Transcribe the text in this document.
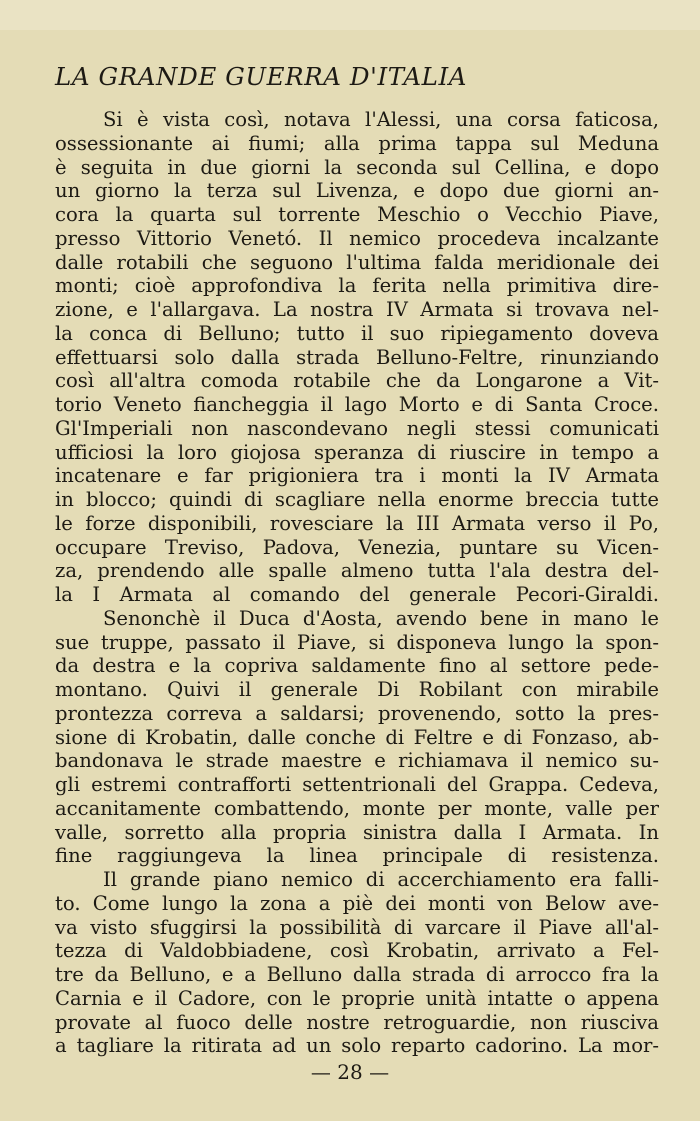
LA GRANDE GUERRA D'ITALIA
Si è vista così, notava l'Alessi, una corsa faticosa,
ossessionante ai fiumi; alla prima tappa sul Meduna
è seguita in due giorni la seconda sul Cellina, e dopo
un giorno la terza sul Livenza, e dopo due giorni an-
cora la quarta sul torrente Meschio o Vecchio Piave,
presso Vittorio Venetó. Il nemico procedeva incalzante
dalle rotabili che seguono l'ultima falda meridionale dei
monti; cioè approfondiva la ferita nella primitiva dire-
zione, e l'allargava. La nostra IV Armata si trovava nel-
la conca di Belluno; tutto il suo ripiegamento doveva
effettuarsi solo dalla strada Belluno-Feltre, rinunziando
così all'altra comoda rotabile che da Longarone a Vit-
torio Veneto fiancheggia il lago Morto e di Santa Croce.
Gl'Imperiali non nascondevano negli stessi comunicati
ufficiosi la loro giojosa speranza di riuscire in tempo a
incatenare e far prigioniera tra i monti la IV Armata
in blocco; quindi di scagliare nella enorme breccia tutte
le forze disponibili, rovesciare la III Armata verso il Po,
occupare Treviso, Padova, Venezia, puntare su Vicen-
za, prendendo alle spalle almeno tutta l'ala destra del-
la I Armata al comando del generale Pecori-Giraldi.
Senonchè il Duca d'Aosta, avendo bene in mano le
sue truppe, passato il Piave, si disponeva lungo la spon-
da destra e la copriva saldamente fino al settore pede-
montano. Quivi il generale Di Robilant con mirabile
prontezza correva a saldarsi; provenendo, sotto la pres-
sione di Krobatin, dalle conche di Feltre e di Fonzaso, ab-
bandonava le strade maestre e richiamava il nemico su-
gli estremi contrafforti settentrionali del Grappa. Cedeva,
accanitamente combattendo, monte per monte, valle per
valle, sorretto alla propria sinistra dalla I Armata. In
fine raggiungeva la linea principale di resistenza.
Il grande piano nemico di accerchiamento era falli-
to. Come lungo la zona a piè dei monti von Below ave-
va visto sfuggirsi la possibilità di varcare il Piave all'al-
tezza di Valdobbiadene, così Krobatin, arrivato a Fel-
tre da Belluno, e a Belluno dalla strada di arrocco fra la
Carnia e il Cadore, con le proprie unità intatte o appena
provate al fuoco delle nostre retroguardie, non riusciva
a tagliare la ritirata ad un solo reparto cadorino. La mor-
— 28 —
